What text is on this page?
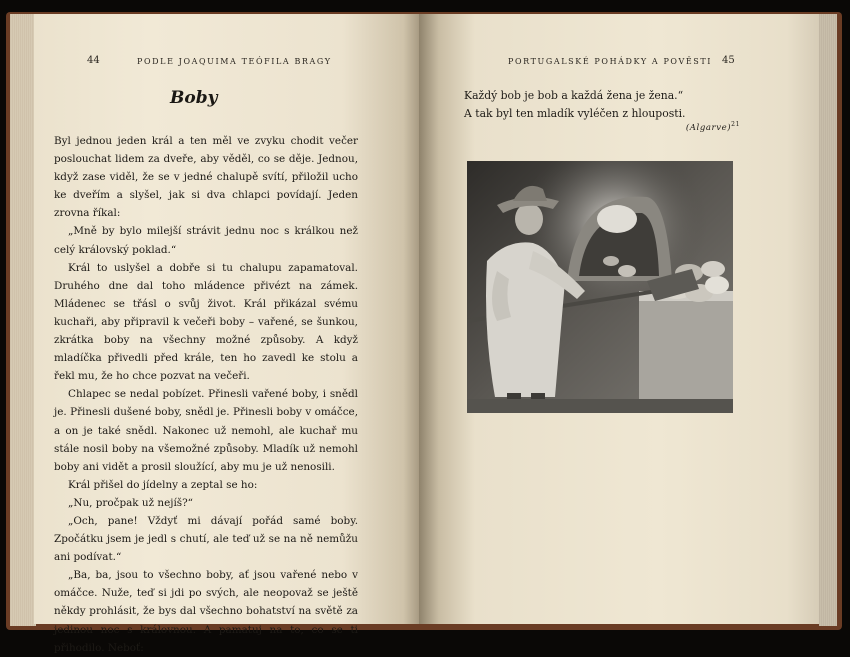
44	PODLE JOAQUIMA TEÓFILA BRAGY
Boby

Byl jednou jeden král a ten měl ve zvyku chodit večer poslouchat lidem za dveře, aby věděl, co se děje. Jednou, když zase viděl, že se v jedné chalupě svítí, přiložil ucho ke dveřím a slyšel, jak si dva chlapci povídají. Jeden zrovna říkal:

„Mně by bylo milejší strávit jednu noc s králkou než celý královský poklad.“

Král to uslyšel a dobře si tu chalupu zapamatoval. Druhého dne dal toho mládence přivézt na zámek. Mládenec se třásl o svůj život. Král přikázal svému kuchaři, aby připravil k večeři boby – vařené, se šunkou, zkrátka boby na všechny možné způsoby. A když mladíčka přivedli před krále, ten ho zavedl ke stolu a řekl mu, že ho chce pozvat na večeři.

Chlapec se nedal pobízet. Přinesli vařené boby, i snědl je. Přinesli dušené boby, snědl je. Přinesli boby v omáčce, a on je také snědl. Nakonec už nemohl, ale kuchař mu stále nosil boby na všemožné způsoby. Mladík už nemohl boby ani vidět a prosil sloužící, aby mu je už nenosili.

Král přišel do jídelny a zeptal se ho:

„Nu, pročpak už nejíš?“

„Och, pane! Vždyť mi dávají pořád samé boby. Zpočátku jsem je jedl s chutí, ale teď už se na ně nemůžu ani podívat.“

„Ba, ba, jsou to všechno boby, ať jsou vařené nebo v omáčce. Nuže, teď si jdi po svých, ale neopovaž se ještě někdy prohlásit, že bys dal všechno bohatství na světě za jedinou noc s královnou. A pamatuj na to, co se ti přihodilo. Neboť:

PORTUGALSKÉ POHÁDKY A POVĚSTI 45

Každý bob je bob a každá žena je žena.“

A tak byl ten mladík vyléčen z hlouposti.

(Algarve)$^{21}$
